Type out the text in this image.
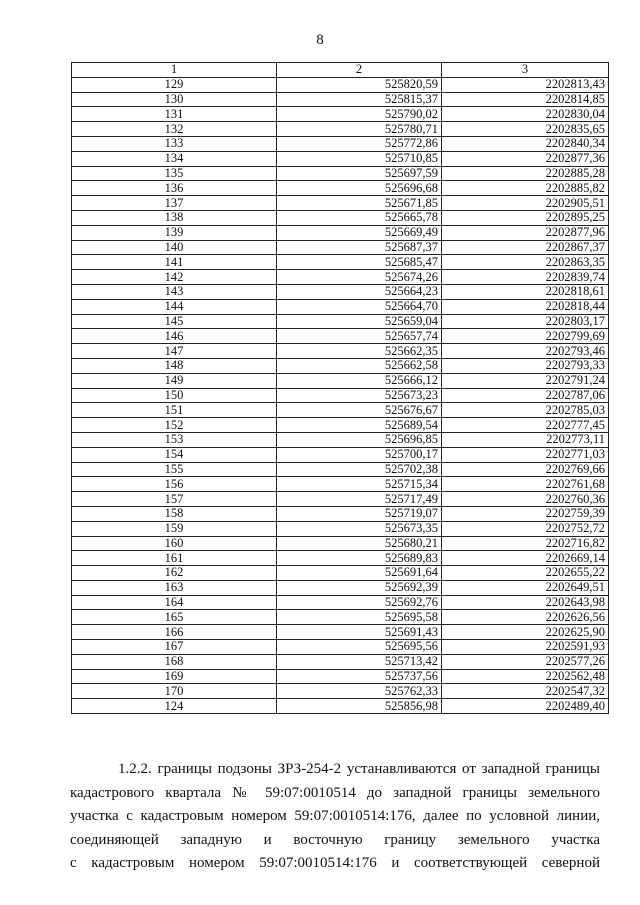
8
1	2	3
129	525820,59	2202813,43
130	525815,37	2202814,85
131	525790,02	2202830,04
132	525780,71	2202835,65
133	525772,86	2202840,34
134	525710,85	2202877,36
135	525697,59	2202885,28
136	525696,68	2202885,82
137	525671,85	2202905,51
138	525665,78	2202895,25
139	525669,49	2202877,96
140	525687,37	2202867,37
141	525685,47	2202863,35
142	525674,26	2202839,74
143	525664,23	2202818,61
144	525664,70	2202818,44
145	525659,04	2202803,17
146	525657,74	2202799,69
147	525662,35	2202793,46
148	525662,58	2202793,33
149	525666,12	2202791,24
150	525673,23	2202787,06
151	525676,67	2202785,03
152	525689,54	2202777,45
153	525696,85	2202773,11
154	525700,17	2202771,03
155	525702,38	2202769,66
156	525715,34	2202761,68
157	525717,49	2202760,36
158	525719,07	2202759,39
159	525673,35	2202752,72
160	525680,21	2202716,82
161	525689,83	2202669,14
162	525691,64	2202655,22
163	525692,39	2202649,51
164	525692,76	2202643,98
165	525695,58	2202626,56
166	525691,43	2202625,90
167	525695,56	2202591,93
168	525713,42	2202577,26
169	525737,56	2202562,48
170	525762,33	2202547,32
124	525856,98	2202489,40
1.2.2. границы подзоны ЗРЗ-254-2 устанавливаются от западной границы
кадастрового квартала № 59:07:0010514 до западной границы земельного
участка с кадастровым номером 59:07:0010514:176, далее по условной линии,
соединяющей западную и восточную границу земельного участка
с кадастровым номером 59:07:0010514:176 и соответствующей северной
